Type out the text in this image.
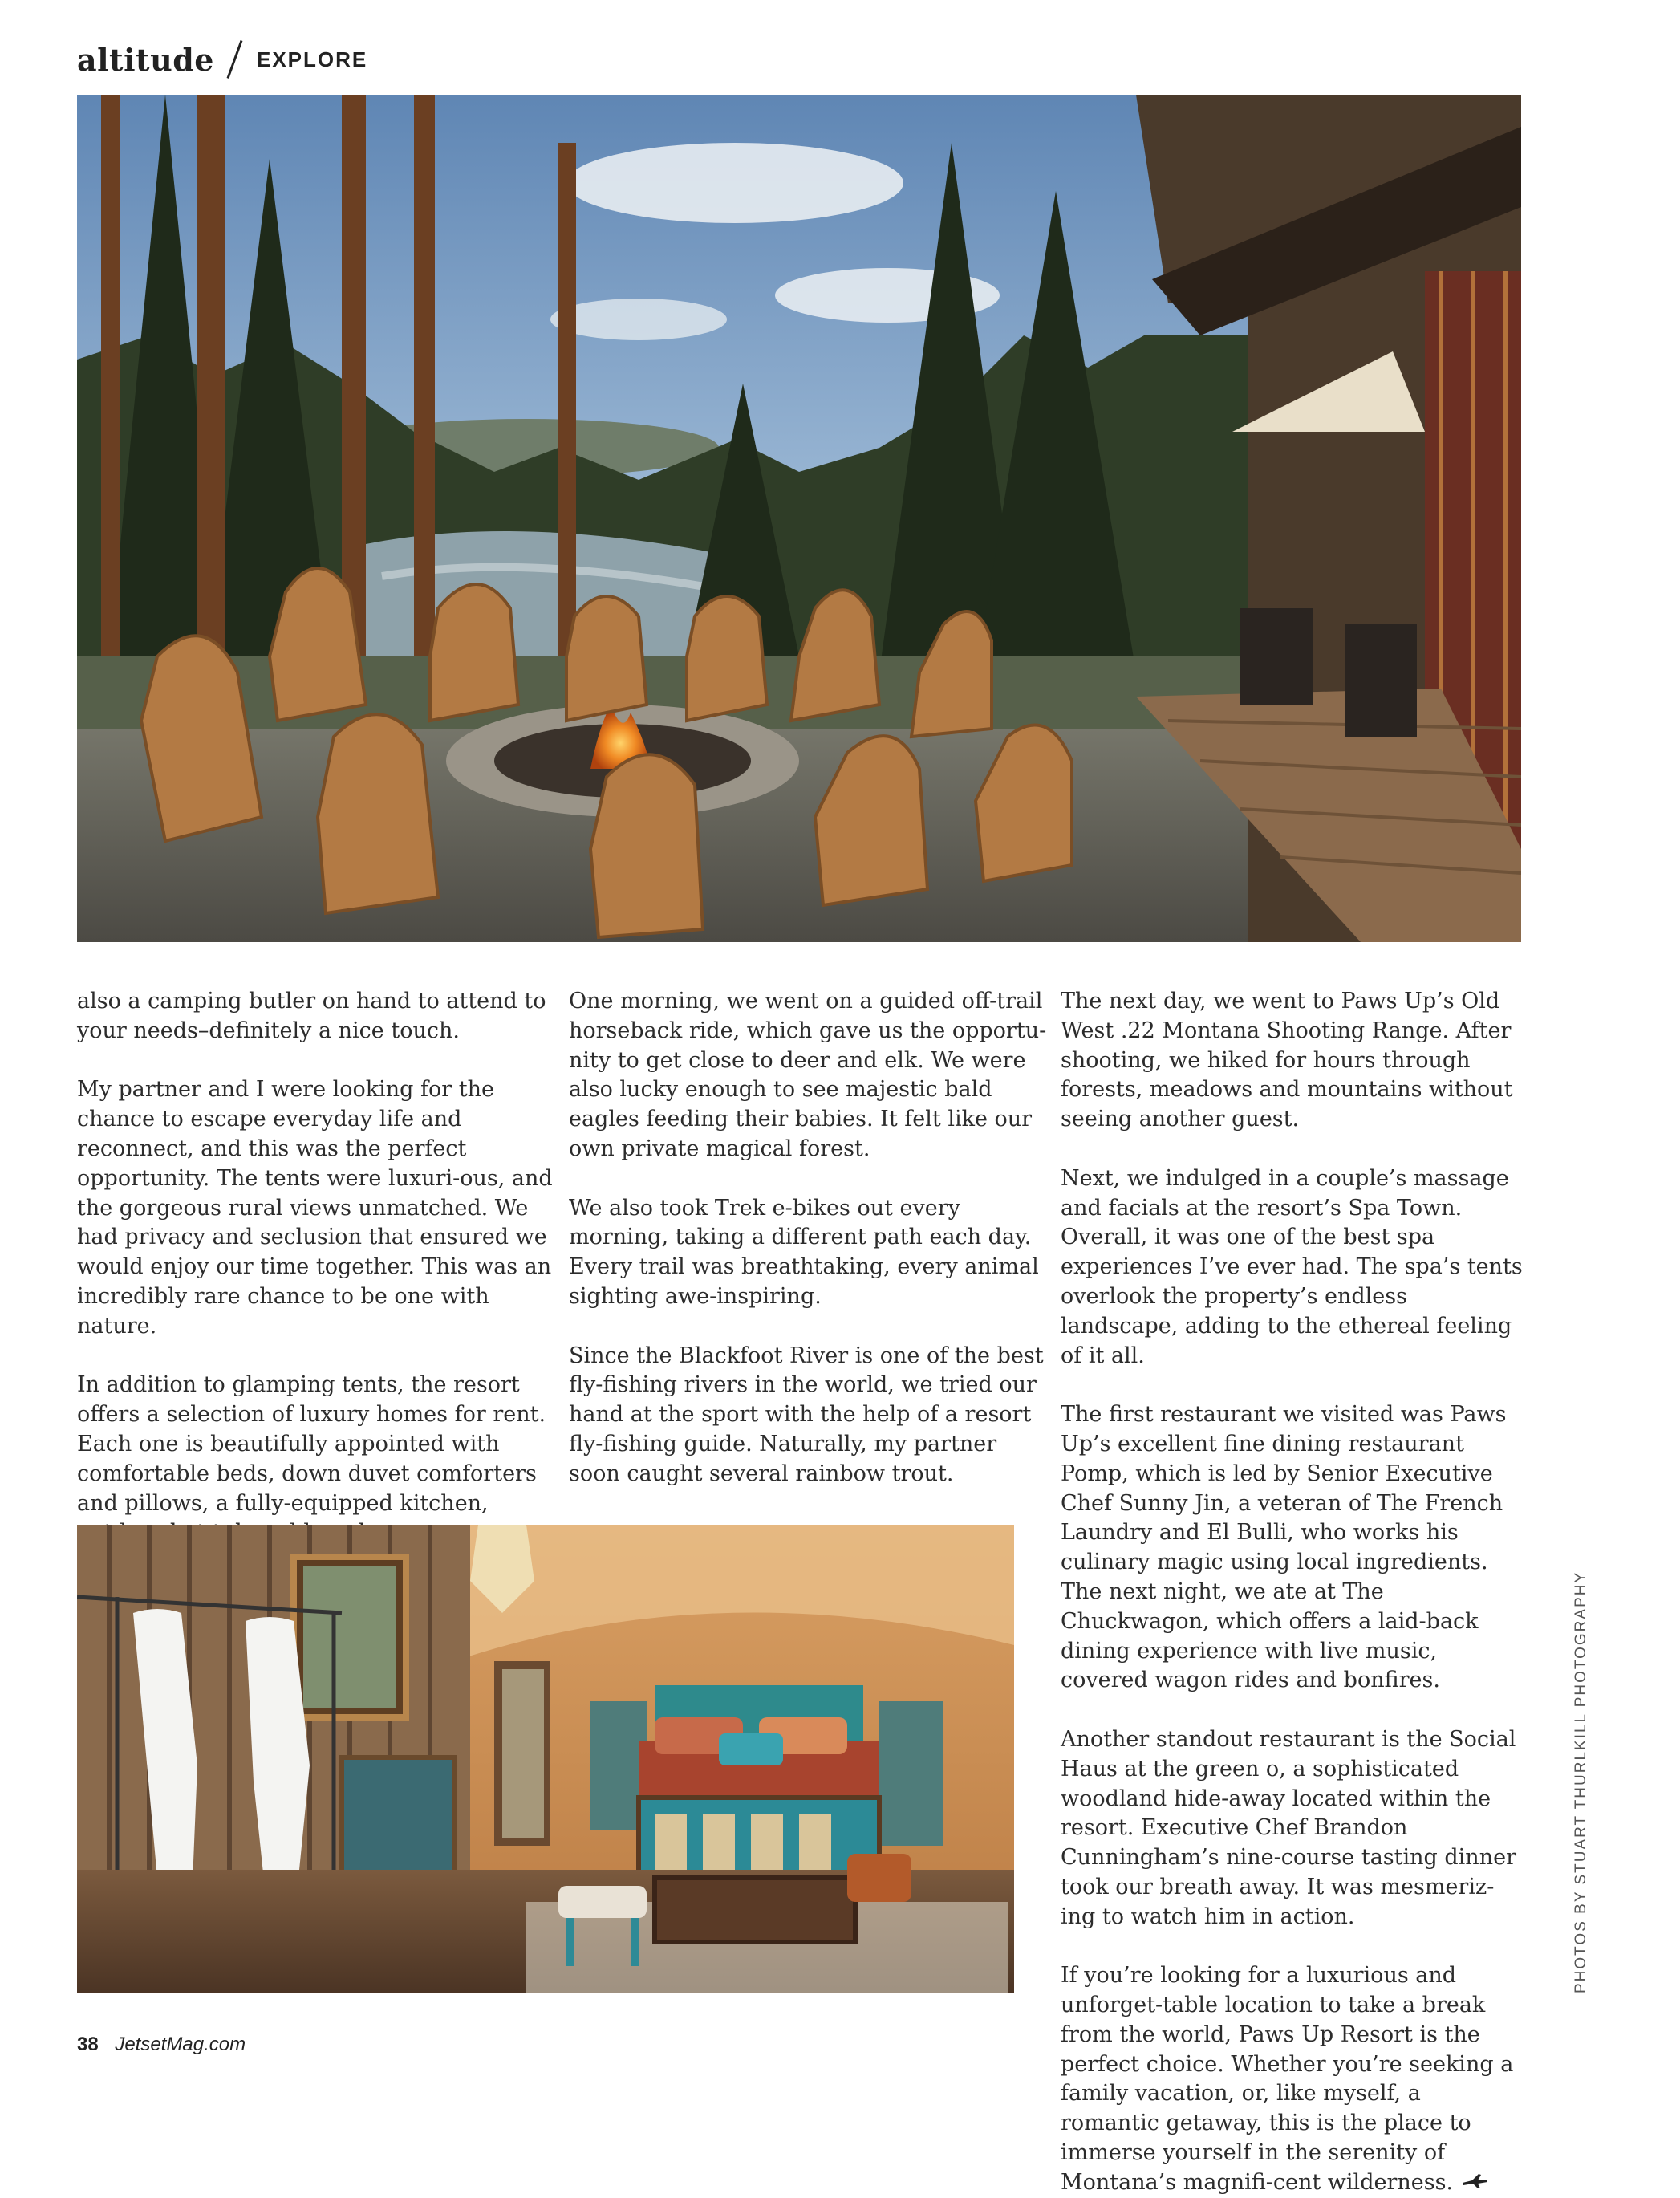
altitude EXPLORE

also a camping butler on hand to attend to your needs–definitely a nice touch.

My partner and I were looking for the chance to escape everyday life and reconnect, and this was the perfect opportunity. The tents were luxuri-ous, and the gorgeous rural views unmatched. We had privacy and seclusion that ensured we would enjoy our time together. This was an incredibly rare chance to be one with nature.

In addition to glamping tents, the resort offers a selection of luxury homes for rent. Each one is beautifully appointed with comfortable beds, down duvet comforters and pillows, a fully-equipped kitchen,

One morning, we went on a guided off-trail horseback ride, which gave us the opportu-nity to get close to deer and elk. We were also lucky enough to see majestic bald eagles feeding their babies. It felt like our own private magical forest.

We also took Trek e-bikes out every morning, taking a different path each day. Every trail was breathtaking, every animal sighting awe-inspiring.

Since the Blackfoot River is one of the best fly-fishing rivers in the world, we tried our hand at the sport with the help of a resort fly-fishing guide. Naturally, my partner soon caught several rainbow trout.

The next day, we went to Paws Up’s Old West .22 Montana Shooting Range. After shooting, we hiked for hours through forests, meadows and mountains without seeing another guest.

Next, we indulged in a couple’s massage and facials at the resort’s Spa Town. Overall, it was one of the best spa experiences I’ve ever had. The spa’s tents overlook the property’s endless landscape, adding to the ethereal feeling of it all.

The first restaurant we visited was Paws Up’s excellent fine dining restaurant Pomp, which is led by Senior Executive Chef Sunny Jin, a veteran of The French Laundry and El Bulli, who works his culinary magic using local ingredients. The next night, we ate at The Chuckwagon, which offers a laid-back dining experience with live music, covered wagon rides and bonfires.

Another standout restaurant is the Social Haus at the green o, a sophisticated woodland hide-away located within the resort. Executive Chef Brandon Cunningham’s nine-course tasting dinner took our breath away. It was mesmeriz-ing to watch him in action.

If you’re looking for a luxurious and unforget-table location to take a break from the world, Paws Up Resort is the perfect choice. Whether you’re seeking a family vacation, or, like myself, a romantic getaway, this is the place to immerse yourself in the serenity of Montana’s magnifi-cent wilderness.

PHOTOS BY STUART THURLKILL PHOTOGRAPHY
38 JetsetMag.com
